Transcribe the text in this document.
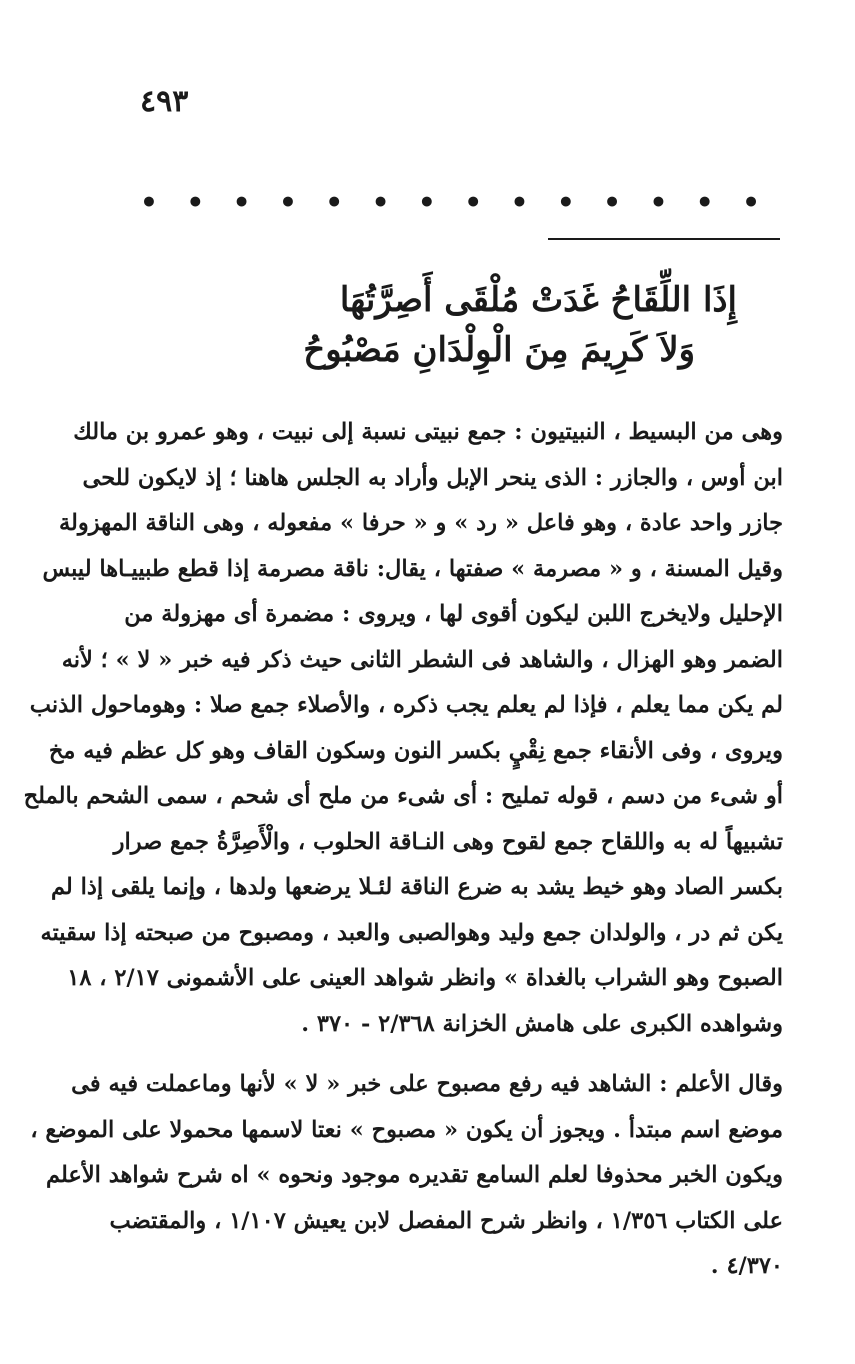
٤٩٣
• • • • • • • • • • • • • •
إِذَا اللِّقَاحُ غَدَتْ مُلْقَى أَصِرَّتُهَا
وَلاَ كَرِيمَ مِنَ الْوِلْدَانِ مَصْبُوحُ
وهى من البسيط ، النبيتيون : جمع نبيتى نسبة إلى نبيت ، وهو عمرو بن مالك
ابن أوس ، والجازر : الذى ينحر الإبل وأراد به الجلس هاهنا ؛ إذ لايكون للحى
جازر واحد عادة ، وهو فاعل « رد » و « حرفا » مفعوله ، وهى الناقة المهزولة
وقيل المسنة ، و « مصرمة » صفتها ، يقال: ناقة مصرمة إذا قطع طبييـاها ليبس
الإحليل ولايخرج اللبن ليكون أقوى لها ، ويروى : مضمرة أى مهزولة من
الضمر وهو الهزال ، والشاهد فى الشطر الثانى حيث ذكر فيه خبر « لا » ؛ لأنه
لم يكن مما يعلم ، فإذا لم يعلم يجب ذكره ، والأصلاء جمع صلا : وهوماحول الذنب
ويروى ، وفى الأنقاء جمع نِقْيٍ بكسر النون وسكون القاف وهو كل عظم فيه مخ
أو شىء من دسم ، قوله تمليح : أى شىء من ملح أى شحم ، سمى الشحم بالملح
تشبيهاً له به واللقاح جمع لقوح وهى النـاقة الحلوب ، والْأَصِرَّةُ جمع صرار
بكسر الصاد وهو خيط يشد به ضرع الناقة لئـلا يرضعها ولدها ، وإنما يلقى إذا لم
يكن ثم در ، والولدان جمع وليد وهوالصبى والعبد ، ومصبوح من صبحته إذا سقيته
الصبوح وهو الشراب بالغداة » وانظر شواهد العينى على الأشمونى ٢/١٧ ، ١٨
وشواهده الكبرى على هامش الخزانة ٢/٣٦٨ - ٣٧٠ .
وقال الأعلم : الشاهد فيه رفع مصبوح على خبر « لا » لأنها وماعملت فيه فى
موضع اسم مبتدأ . ويجوز أن يكون « مصبوح » نعتا لاسمها محمولا على الموضع ،
ويكون الخبر محذوفا لعلم السامع تقديره موجود ونحوه » اه شرح شواهد الأعلم
على الكتاب ١/٣٥٦ ، وانظر شرح المفصل لابن يعيش ١/١٠٧ ، والمقتضب
٤/٣٧٠ .
